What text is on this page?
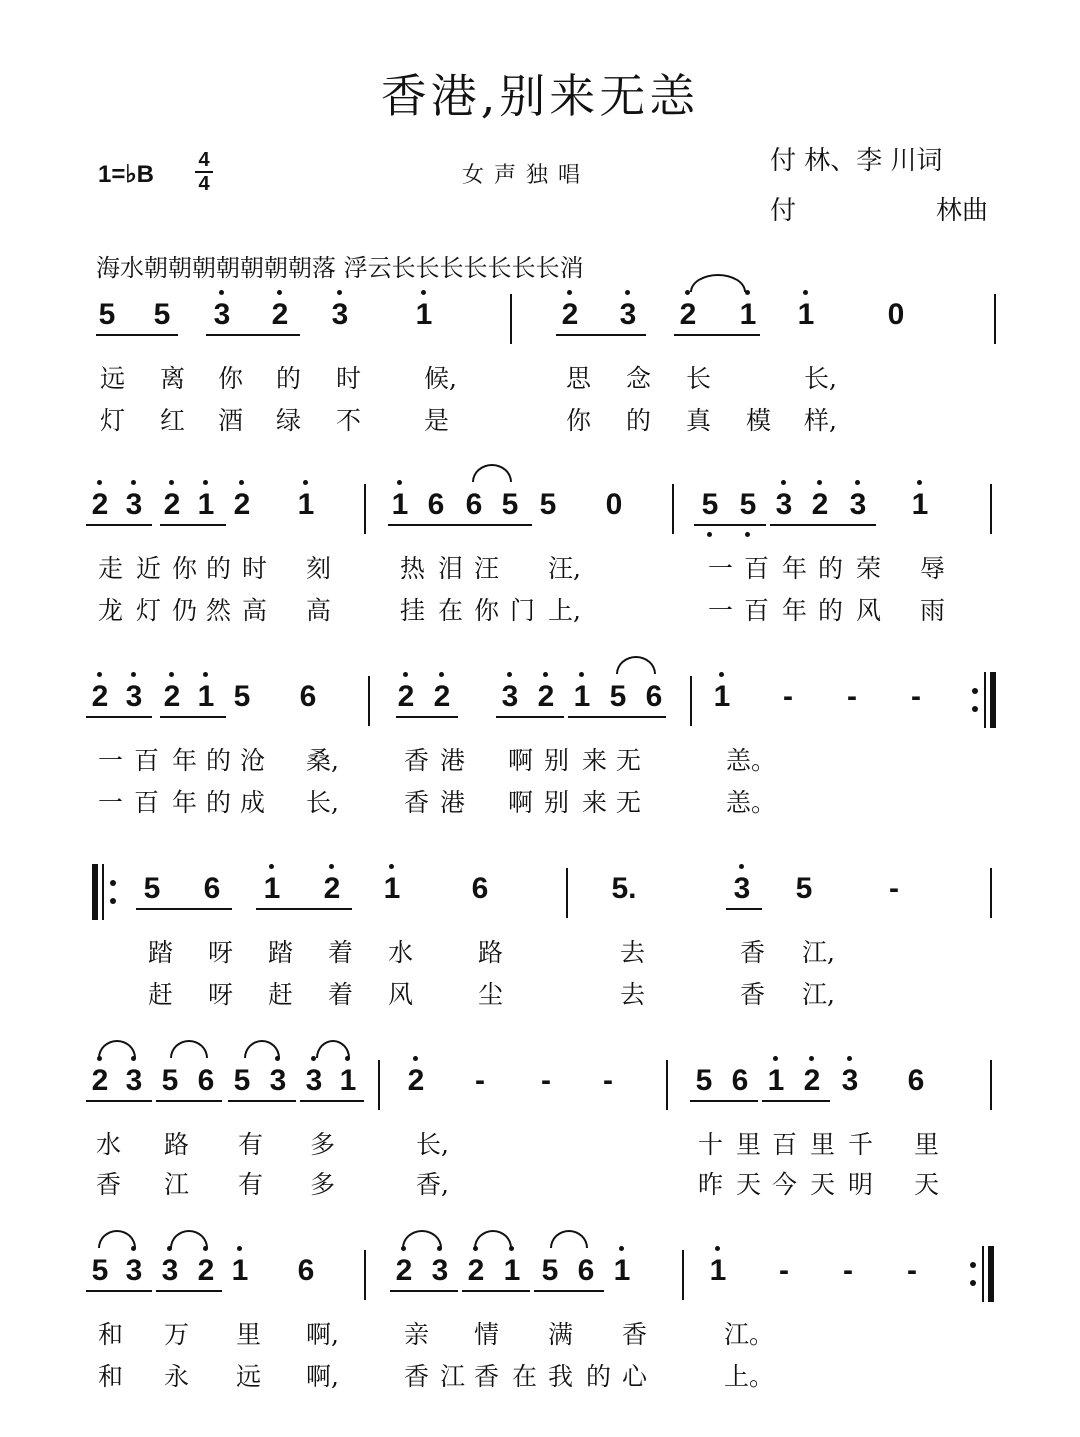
香港,别来无恙
1=♭B
4
4	女声独唱	付 林、李 川词
付	林曲
海水朝朝朝朝朝朝朝落 浮云长长长长长长长消
5	5	3	2	3	1	2	3	2	1	1	0
远 离 你 的 时	候,	思 念 长	长,
灯 红 酒 绿 不	是	你 的 真 模 样,
2 3 2 1 2	1	1 6 6 5 5	0	5 5 3 2 3	1
走 近 你 的 时 刻	热 泪 汪 汪,	一 百 年 的 荣 辱
龙 灯 仍 然 高 高	挂 在 你 门 上,	一 百 年 的 风 雨
2 3 2 1 5	6	2 2	3 2 1 5 6	1	-	-	-
一 百 年 的 沧 桑,	香 港 啊 别 来 无	恙。
一 百 年 的 成 长,	香 港 啊 别 来 无	恙。
5	6	1	2	1	6	5.	3	5	-
踏 呀 踏 着 水	路	去	香 江,
赶 呀 赶 着 风	尘	去	香 江,
2 3 5 6 5 3 3 1	2	-	-	-	5 6 1 2 3	6
水 路 有 多	长,	十 里 百 里 千 里
香 江 有 多	香,	昨 天 今 天 明 天
5 3 3 2 1	6	2 3 2 1 5 6 1	1	-	-	-
和 万 里 啊,	亲 情 满 香	江。
和 永 远 啊,	香 江 香 在 我 的 心	上。
